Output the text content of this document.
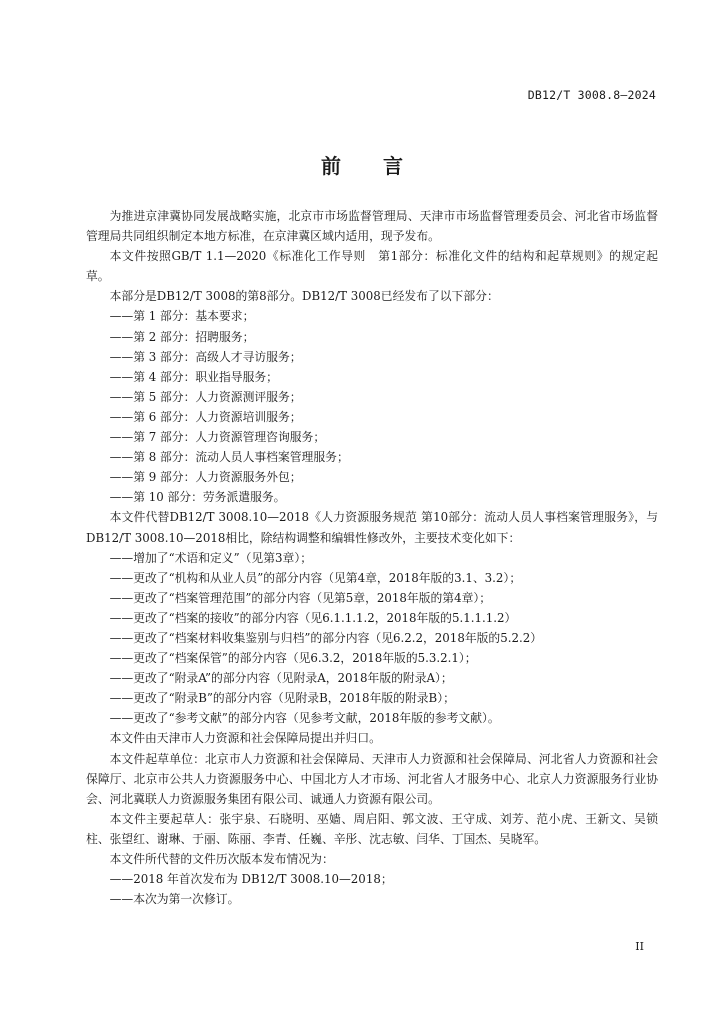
DB12/T 3008.8—2024
前言

为推进京津冀协同发展战略实施，北京市市场监督管理局、天津市市场监督管理委员会、河北省市场监督管理局共同组织制定本地方标准，在京津冀区域内适用，现予发布。

本文件按照GB/T 1.1—2020《标准化工作导则　第1部分：标准化文件的结构和起草规则》的规定起草。

本部分是DB12/T 3008的第8部分。DB12/T 3008已经发布了以下部分：

——第 1 部分：基本要求；

——第 2 部分：招聘服务；

——第 3 部分：高级人才寻访服务；

——第 4 部分：职业指导服务；

——第 5 部分：人力资源测评服务；

——第 6 部分：人力资源培训服务；

——第 7 部分：人力资源管理咨询服务；

——第 8 部分：流动人员人事档案管理服务；

——第 9 部分：人力资源服务外包；

——第 10 部分：劳务派遣服务。

本文件代替DB12/T 3008.10—2018《人力资源服务规范 第10部分：流动人员人事档案管理服务》，与DB12/T 3008.10—2018相比，除结构调整和编辑性修改外，主要技术变化如下：

——增加了“术语和定义”（见第3章）；

——更改了“机构和从业人员”的部分内容（见第4章，2018年版的3.1、3.2）；

——更改了“档案管理范围”的部分内容（见第5章，2018年版的第4章）；

——更改了“档案的接收”的部分内容（见6.1.1.1.2，2018年版的5.1.1.1.2）

——更改了“档案材料收集鉴别与归档”的部分内容（见6.2.2，2018年版的5.2.2）

——更改了“档案保管”的部分内容（见6.3.2，2018年版的5.3.2.1）；

——更改了“附录A”的部分内容（见附录A，2018年版的附录A）；

——更改了“附录B”的部分内容（见附录B，2018年版的附录B）；

——更改了“参考文献”的部分内容（见参考文献，2018年版的参考文献）。

本文件由天津市人力资源和社会保障局提出并归口。

本文件起草单位：北京市人力资源和社会保障局、天津市人力资源和社会保障局、河北省人力资源和社会保障厅、北京市公共人力资源服务中心、中国北方人才市场、河北省人才服务中心、北京人力资源服务行业协会、河北冀联人力资源服务集团有限公司、诚通人力资源有限公司。

本文件主要起草人：张宇泉、石晓明、巫嫱、周启阳、郭文波、王守成、刘芳、范小虎、王新文、吴锁柱、张望红、谢琳、于丽、陈丽、李青、任巍、辛彤、沈志敏、闫华、丁国杰、吴晓军。

本文件所代替的文件历次版本发布情况为：

——2018 年首次发布为 DB12/T 3008.10—2018；

——本次为第一次修订。

II
